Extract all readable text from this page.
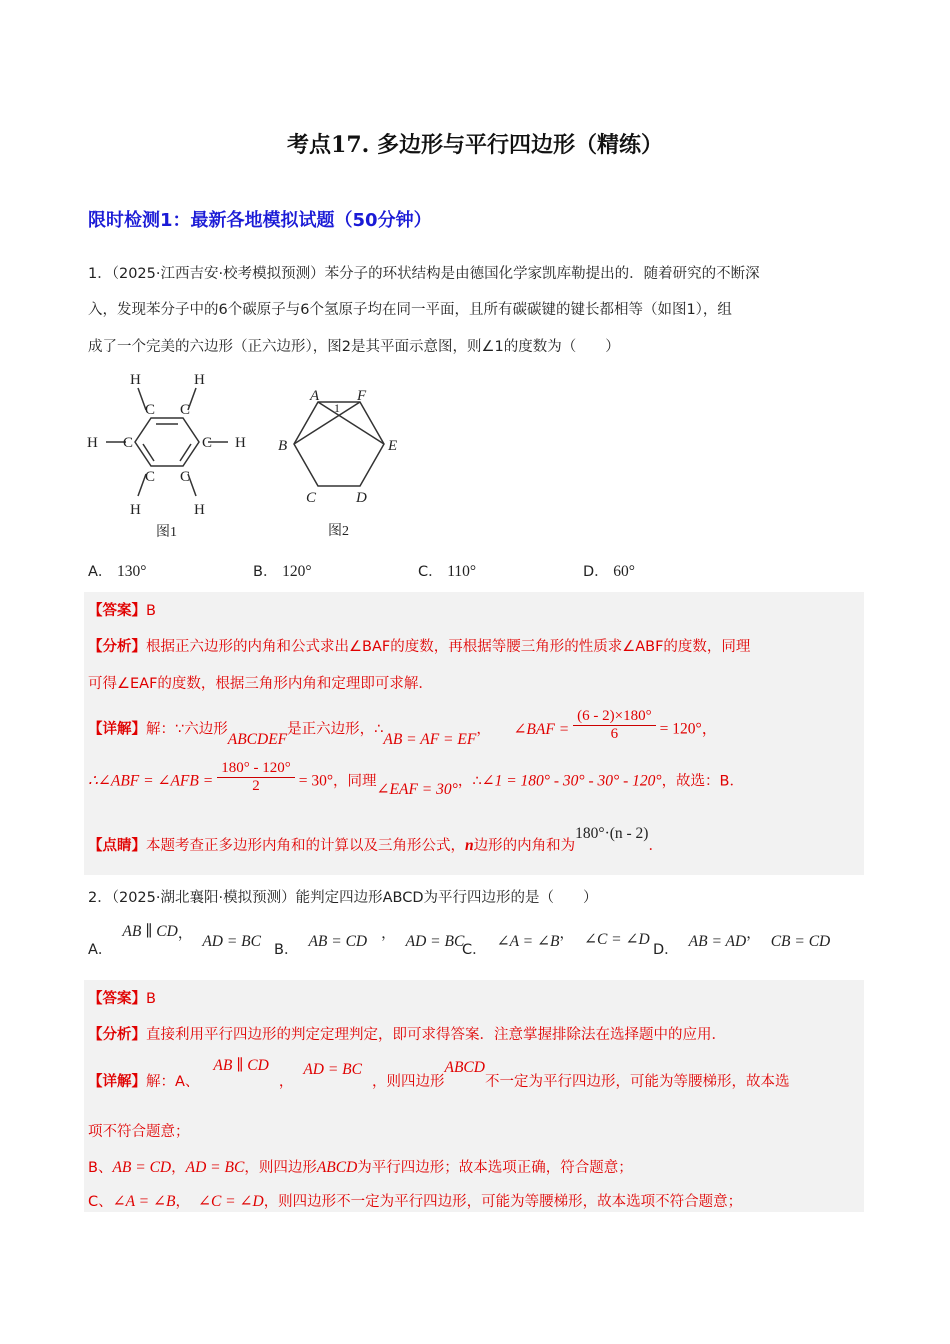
考点17. 多边形与平行四边形（精练）
限时检测1：最新各地模拟试题（50分钟）
1．（2025·江西吉安·校考模拟预测）苯分子的环状结构是由德国化学家凯库勒提出的．随着研究的不断深
入，发现苯分子中的6个碳原子与6个氢原子均在同一平面，且所有碳碳键的键长都相等（如图1），组
成了一个完美的六边形（正六边形），图2是其平面示意图，则∠1的度数为（　　）
H	H
C C
H C	C H
C C
H	H
图1
A	F
B	E
C	D
1
图2
A． 130°	B． 120°	C． 110°	D． 60°
【答案】B
【分析】根据正六边形的内角和公式求出∠BAF的度数，再根据等腰三角形的性质求∠ABF的度数，同理
可得∠EAF的度数，根据三角形内角和定理即可求解．
【详解】解：∵六边形ABCDEF是正六边形，∴AB = AF = EF， ∠BAF = $\frac{(6 - 2)\times 180^\circ}{6} = 120^\circ$，
∴∠ABF = ∠AFB = $\frac{180^\circ - 120^\circ}{2} = 30^\circ$，同理∠EAF = 30°，∴∠1 = 180° - 30° - 30° - 120°，故选：B．
【点睛】本题考查正多边形内角和的计算以及三角形公式，n边形的内角和为180°·(n - 2)．
2．（2025·湖北襄阳·模拟预测）能判定四边形ABCD为平行四边形的是（　　）
A．AB ∥ CD， AD = BC B． AB = CD ， AD = BC
C． ∠A = ∠B， ∠C = ∠D
D． AB = AD， CB = CD
【答案】B
【分析】直接利用平行四边形的判定定理判定，即可求得答案．注意掌握排除法在选择题中的应用．
【详解】解：A、AB ∥ CD，AD = BC，则四边形ABCD不一定为平行四边形，可能为等腰梯形，故本选
项不符合题意；
B、AB = CD，AD = BC，则四边形ABCD为平行四边形；故本选项正确，符合题意；
C、∠A = ∠B， ∠C = ∠D，则四边形不一定为平行四边形，可能为等腰梯形，故本选项不符合题意；
